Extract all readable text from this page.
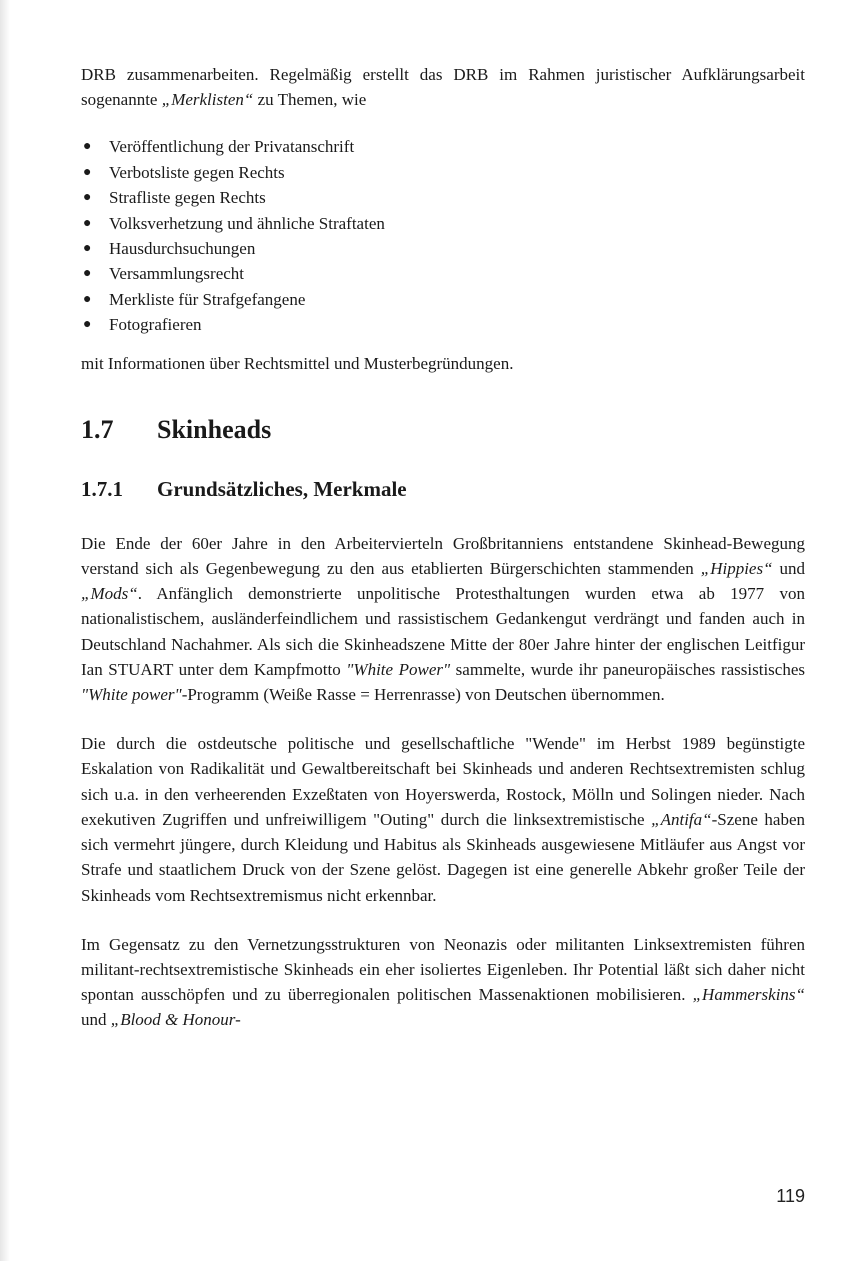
DRB zusammenarbeiten. Regelmäßig erstellt das DRB im Rahmen juristischer Aufklärungsarbeit sogenannte „Merklisten“ zu Themen, wie

● Veröffentlichung der Privatanschrift
● Verbotsliste gegen Rechts
● Strafliste gegen Rechts
● Volksverhetzung und ähnliche Straftaten
● Hausdurchsuchungen
● Versammlungsrecht
● Merkliste für Strafgefangene
● Fotografieren

mit Informationen über Rechtsmittel und Musterbegründungen.

1.7	Skinheads
1.7.1	Grundsätzliches, Merkmale

Die Ende der 60er Jahre in den Arbeitervierteln Großbritanniens entstandene Skinhead-Bewegung verstand sich als Gegenbewegung zu den aus etablierten Bürgerschichten stammenden „Hippies“ und „Mods“. Anfänglich demonstrierte unpolitische Protesthaltungen wurden etwa ab 1977 von nationalistischem, ausländerfeindlichem und rassistischem Gedankengut verdrängt und fanden auch in Deutschland Nachahmer. Als sich die Skinheadszene Mitte der 80er Jahre hinter der englischen Leitfigur Ian STUART unter dem Kampfmotto "White Power" sammelte, wurde ihr paneuropäisches rassistisches "White power"-Programm (Weiße Rasse = Herrenrasse) von Deutschen übernommen.

Die durch die ostdeutsche politische und gesellschaftliche "Wende" im Herbst 1989 begünstigte Eskalation von Radikalität und Gewaltbereitschaft bei Skinheads und anderen Rechtsextremisten schlug sich u.a. in den verheerenden Exzeßtaten von Hoyerswerda, Rostock, Mölln und Solingen nieder. Nach exekutiven Zugriffen und unfreiwilligem "Outing" durch die linksextremistische „Antifa“-Szene haben sich vermehrt jüngere, durch Kleidung und Habitus als Skinheads ausgewiesene Mitläufer aus Angst vor Strafe und staatlichem Druck von der Szene gelöst. Dagegen ist eine generelle Abkehr großer Teile der Skinheads vom Rechtsextremismus nicht erkennbar.

Im Gegensatz zu den Vernetzungsstrukturen von Neonazis oder militanten Linksextremisten führen militant-rechtsextremistische Skinheads ein eher isoliertes Eigenleben. Ihr Potential läßt sich daher nicht spontan ausschöpfen und zu überregionalen politischen Massenaktionen mobilisieren. „Hammerskins“ und „Blood & Honour-

119
